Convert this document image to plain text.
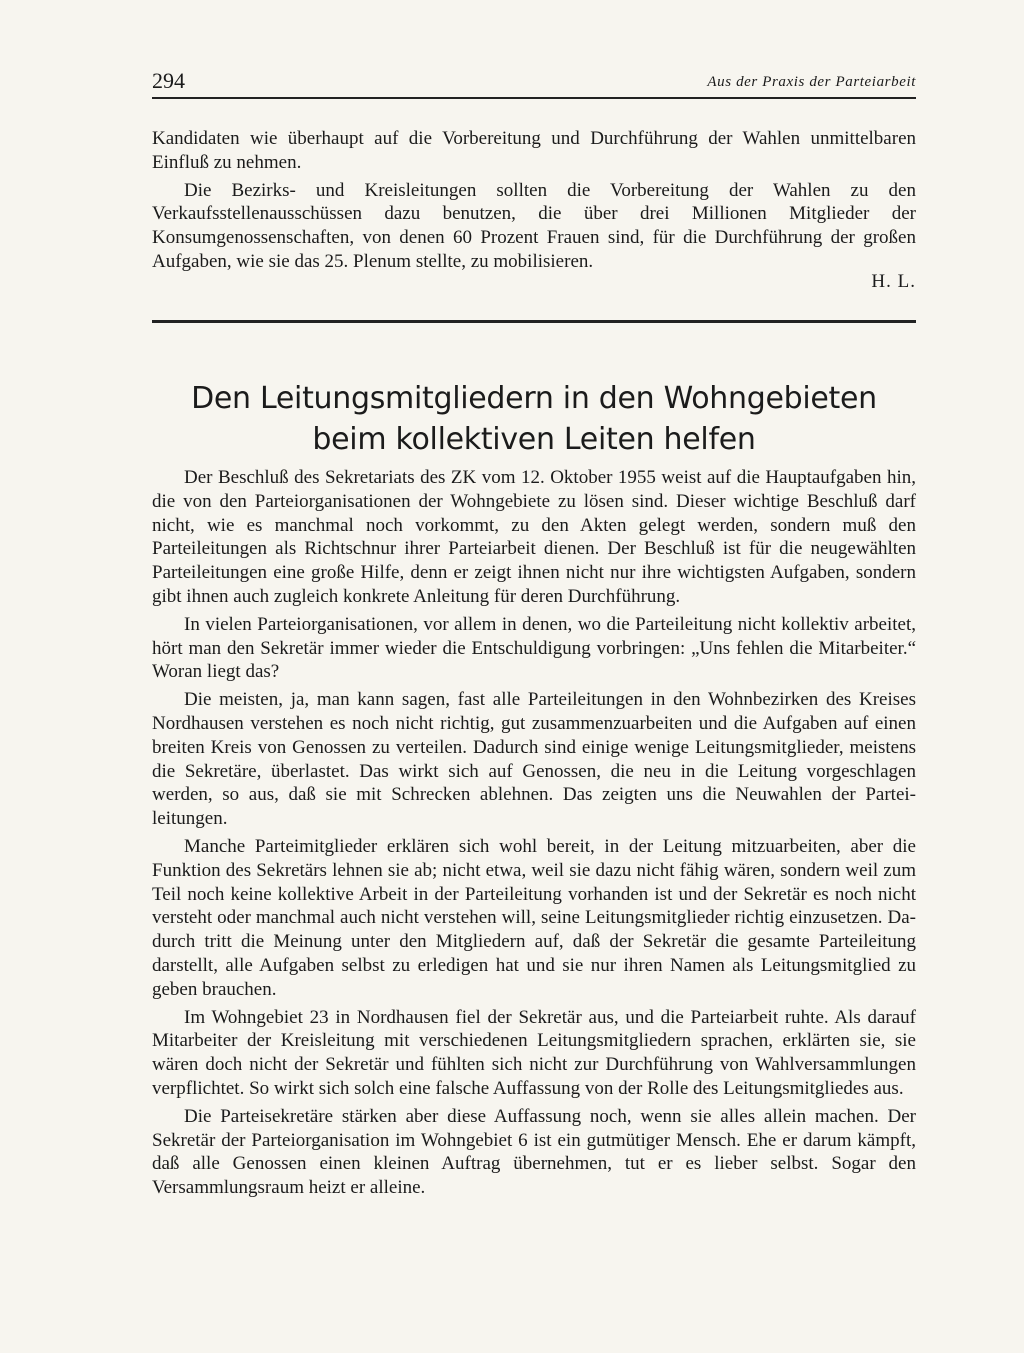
294	Aus der Praxis der Parteiarbeit

Kandidaten wie überhaupt auf die Vorbereitung und Durchführung der Wahlen unmittelbaren Einfluß zu nehmen.

Die Bezirks- und Kreisleitungen sollten die Vorbereitung der Wahlen zu den Verkaufsstellenausschüssen dazu benutzen, die über drei Millionen Mitglieder der Konsumgenossenschaften, von denen 60 Prozent Frauen sind, für die Durchführung der großen Aufgaben, wie sie das 25. Plenum stellte, zu mobilisieren.

H. L.
Den Leitungsmitgliedern in den Wohngebieten
beim kollektiven Leiten helfen

Der Beschluß des Sekretariats des ZK vom 12. Oktober 1955 weist auf die Hauptaufgaben hin, die von den Parteiorganisationen der Wohngebiete zu lösen sind. Dieser wichtige Beschluß darf nicht, wie es manchmal noch vorkommt, zu den Akten gelegt werden, sondern muß den Parteileitungen als Richtschnur ihrer Parteiarbeit dienen. Der Beschluß ist für die neugewählten Parteileitungen eine große Hilfe, denn er zeigt ihnen nicht nur ihre wichtigsten Aufgaben, sondern gibt ihnen auch zugleich konkrete Anleitung für deren Durchführung.

In vielen Parteiorganisationen, vor allem in denen, wo die Parteileitung nicht kollektiv arbeitet, hört man den Sekretär immer wieder die Entschuldigung vorbringen: „Uns fehlen die Mitarbeiter.“ Woran liegt das?

Die meisten, ja, man kann sagen, fast alle Parteileitungen in den Wohnbezirken des Kreises Nordhausen verstehen es noch nicht richtig, gut zusammenzuarbeiten und die Aufgaben auf einen breiten Kreis von Genossen zu verteilen. Dadurch sind einige wenige Leitungsmitglieder, meistens die Sekretäre, überlastet. Das wirkt sich auf Genossen, die neu in die Leitung vorgeschlagen werden, so aus, daß sie mit Schrecken ablehnen. Das zeigten uns die Neuwahlen der Parteileitungen.

Manche Parteimitglieder erklären sich wohl bereit, in der Leitung mitzuarbeiten, aber die Funktion des Sekretärs lehnen sie ab; nicht etwa, weil sie dazu nicht fähig wären, sondern weil zum Teil noch keine kollektive Arbeit in der Parteileitung vorhanden ist und der Sekretär es noch nicht versteht oder manchmal auch nicht verstehen will, seine Leitungsmitglieder richtig einzusetzen. Dadurch tritt die Meinung unter den Mitgliedern auf, daß der Sekretär die gesamte Parteileitung darstellt, alle Aufgaben selbst zu erledigen hat und sie nur ihren Namen als Leitungsmitglied zu geben brauchen.

Im Wohngebiet 23 in Nordhausen fiel der Sekretär aus, und die Parteiarbeit ruhte. Als darauf Mitarbeiter der Kreisleitung mit verschiedenen Leitungsmitgliedern sprachen, erklärten sie, sie wären doch nicht der Sekretär und fühlten sich nicht zur Durchführung von Wahlversammlungen verpflichtet. So wirkt sich solch eine falsche Auffassung von der Rolle des Leitungsmitgliedes aus.

Die Parteisekretäre stärken aber diese Auffassung noch, wenn sie alles allein machen. Der Sekretär der Parteiorganisation im Wohngebiet 6 ist ein gutmütiger Mensch. Ehe er darum kämpft, daß alle Genossen einen kleinen Auftrag übernehmen, tut er es lieber selbst. Sogar den Versammlungsraum heizt er alleine.
